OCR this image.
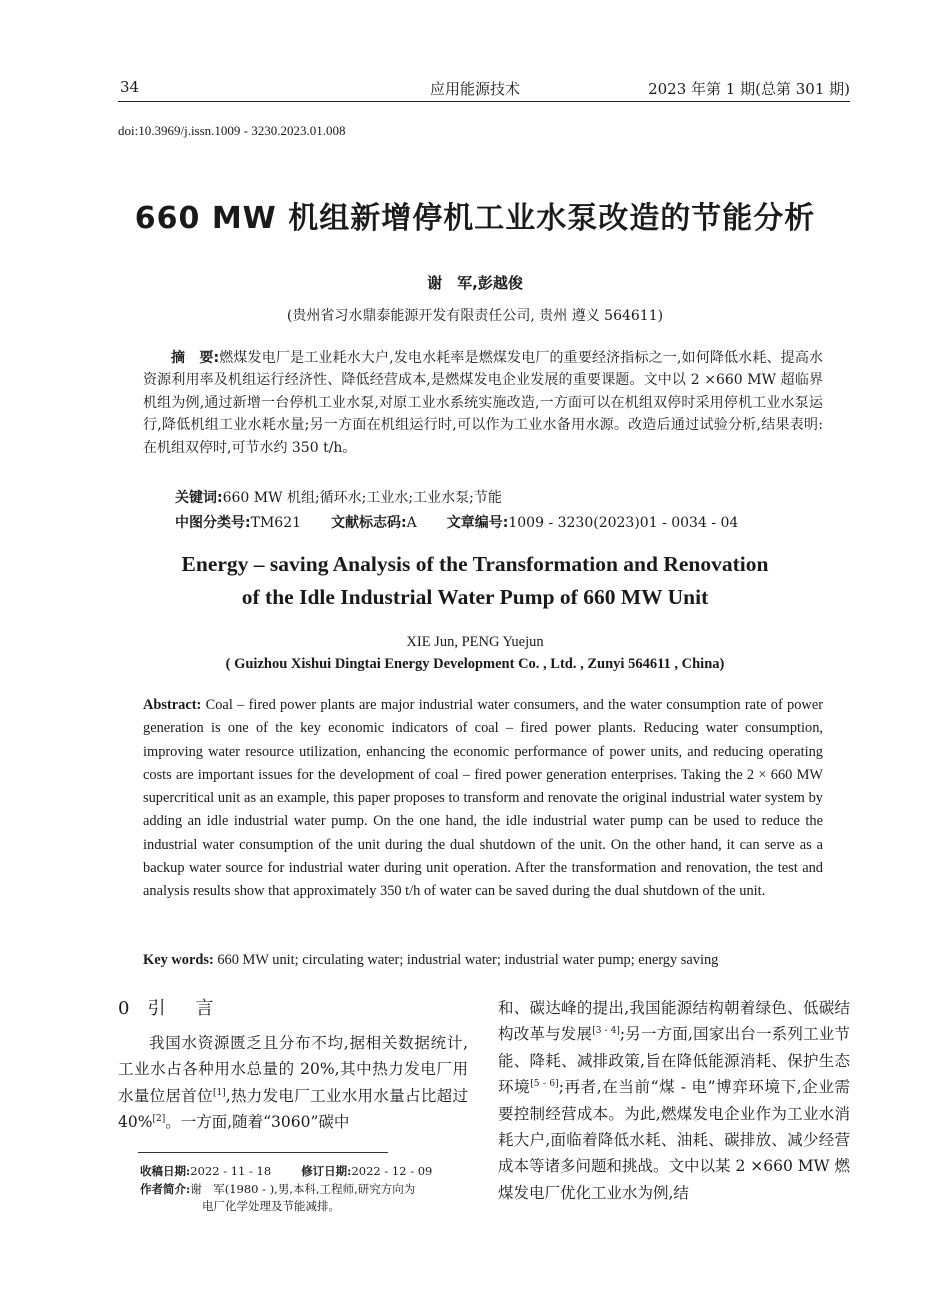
34	应用能源技术	2023 年第 1 期(总第 301 期)
doi:10.3969/j.issn.1009 - 3230.2023.01.008
660 MW 机组新增停机工业水泵改造的节能分析
谢　军,彭越俊
(贵州省习水鼎泰能源开发有限责任公司, 贵州 遵义 564611)
摘　要:燃煤发电厂是工业耗水大户,发电水耗率是燃煤发电厂的重要经济指标之一,如何降低水耗、提高水资源利用率及机组运行经济性、降低经营成本,是燃煤发电企业发展的重要课题。文中以 2 ×660 MW 超临界机组为例,通过新增一台停机工业水泵,对原工业水系统实施改造,一方面可以在机组双停时采用停机工业水泵运行,降低机组工业水耗水量;另一方面在机组运行时,可以作为工业水备用水源。改造后通过试验分析,结果表明:在机组双停时,可节水约 350 t/h。
关键词:660 MW 机组;循环水;工业水;工业水泵;节能
中图分类号:TM621 文献标志码:A 文章编号:1009 - 3230(2023)01 - 0034 - 04
Energy – saving Analysis of the Transformation and Renovation
of the Idle Industrial Water Pump of 660 MW Unit
XIE Jun, PENG Yuejun
( Guizhou Xishui Dingtai Energy Development Co. , Ltd. , Zunyi 564611 , China)
Abstract: Coal – fired power plants are major industrial water consumers, and the water consumption rate of power generation is one of the key economic indicators of coal – fired power plants. Reducing water consumption, improving water resource utilization, enhancing the economic performance of power units, and reducing operating costs are important issues for the development of coal – fired power generation enterprises. Taking the 2 × 660 MW supercritical unit as an example, this paper proposes to transform and renovate the original industrial water system by adding an idle industrial water pump. On the one hand, the idle industrial water pump can be used to reduce the industrial water consumption of the unit during the dual shutdown of the unit. On the other hand, it can serve as a backup water source for industrial water during unit operation. After the transformation and renovation, the test and analysis results show that approximately 350 t/h of water can be saved during the dual shutdown of the unit.
Key words: 660 MW unit; circulating water; industrial water; industrial water pump; energy saving
0 引　言
我国水资源匮乏且分布不均,据相关数据统计,工业水占各种用水总量的 20%,其中热力发电厂用水量位居首位[1],热力发电厂工业水用水量占比超过 40%[2]。一方面,随着“3060”碳中
和、碳达峰的提出,我国能源结构朝着绿色、低碳结构改革与发展[3 - 4];另一方面,国家出台一系列工业节能、降耗、减排政策,旨在降低能源消耗、保护生态环境[5 - 6];再者,在当前“煤 - 电”博弈环境下,企业需要控制经营成本。为此,燃煤发电企业作为工业水消耗大户,面临着降低水耗、油耗、碳排放、减少经营成本等诸多问题和挑战。文中以某 2 ×660 MW 燃煤发电厂优化工业水为例,结
收稿日期:2022 - 11 - 18	修订日期:2022 - 12 - 09
作者简介:谢　军(1980 - ),男,本科,工程师,研究方向为
电厂化学处理及节能减排。
